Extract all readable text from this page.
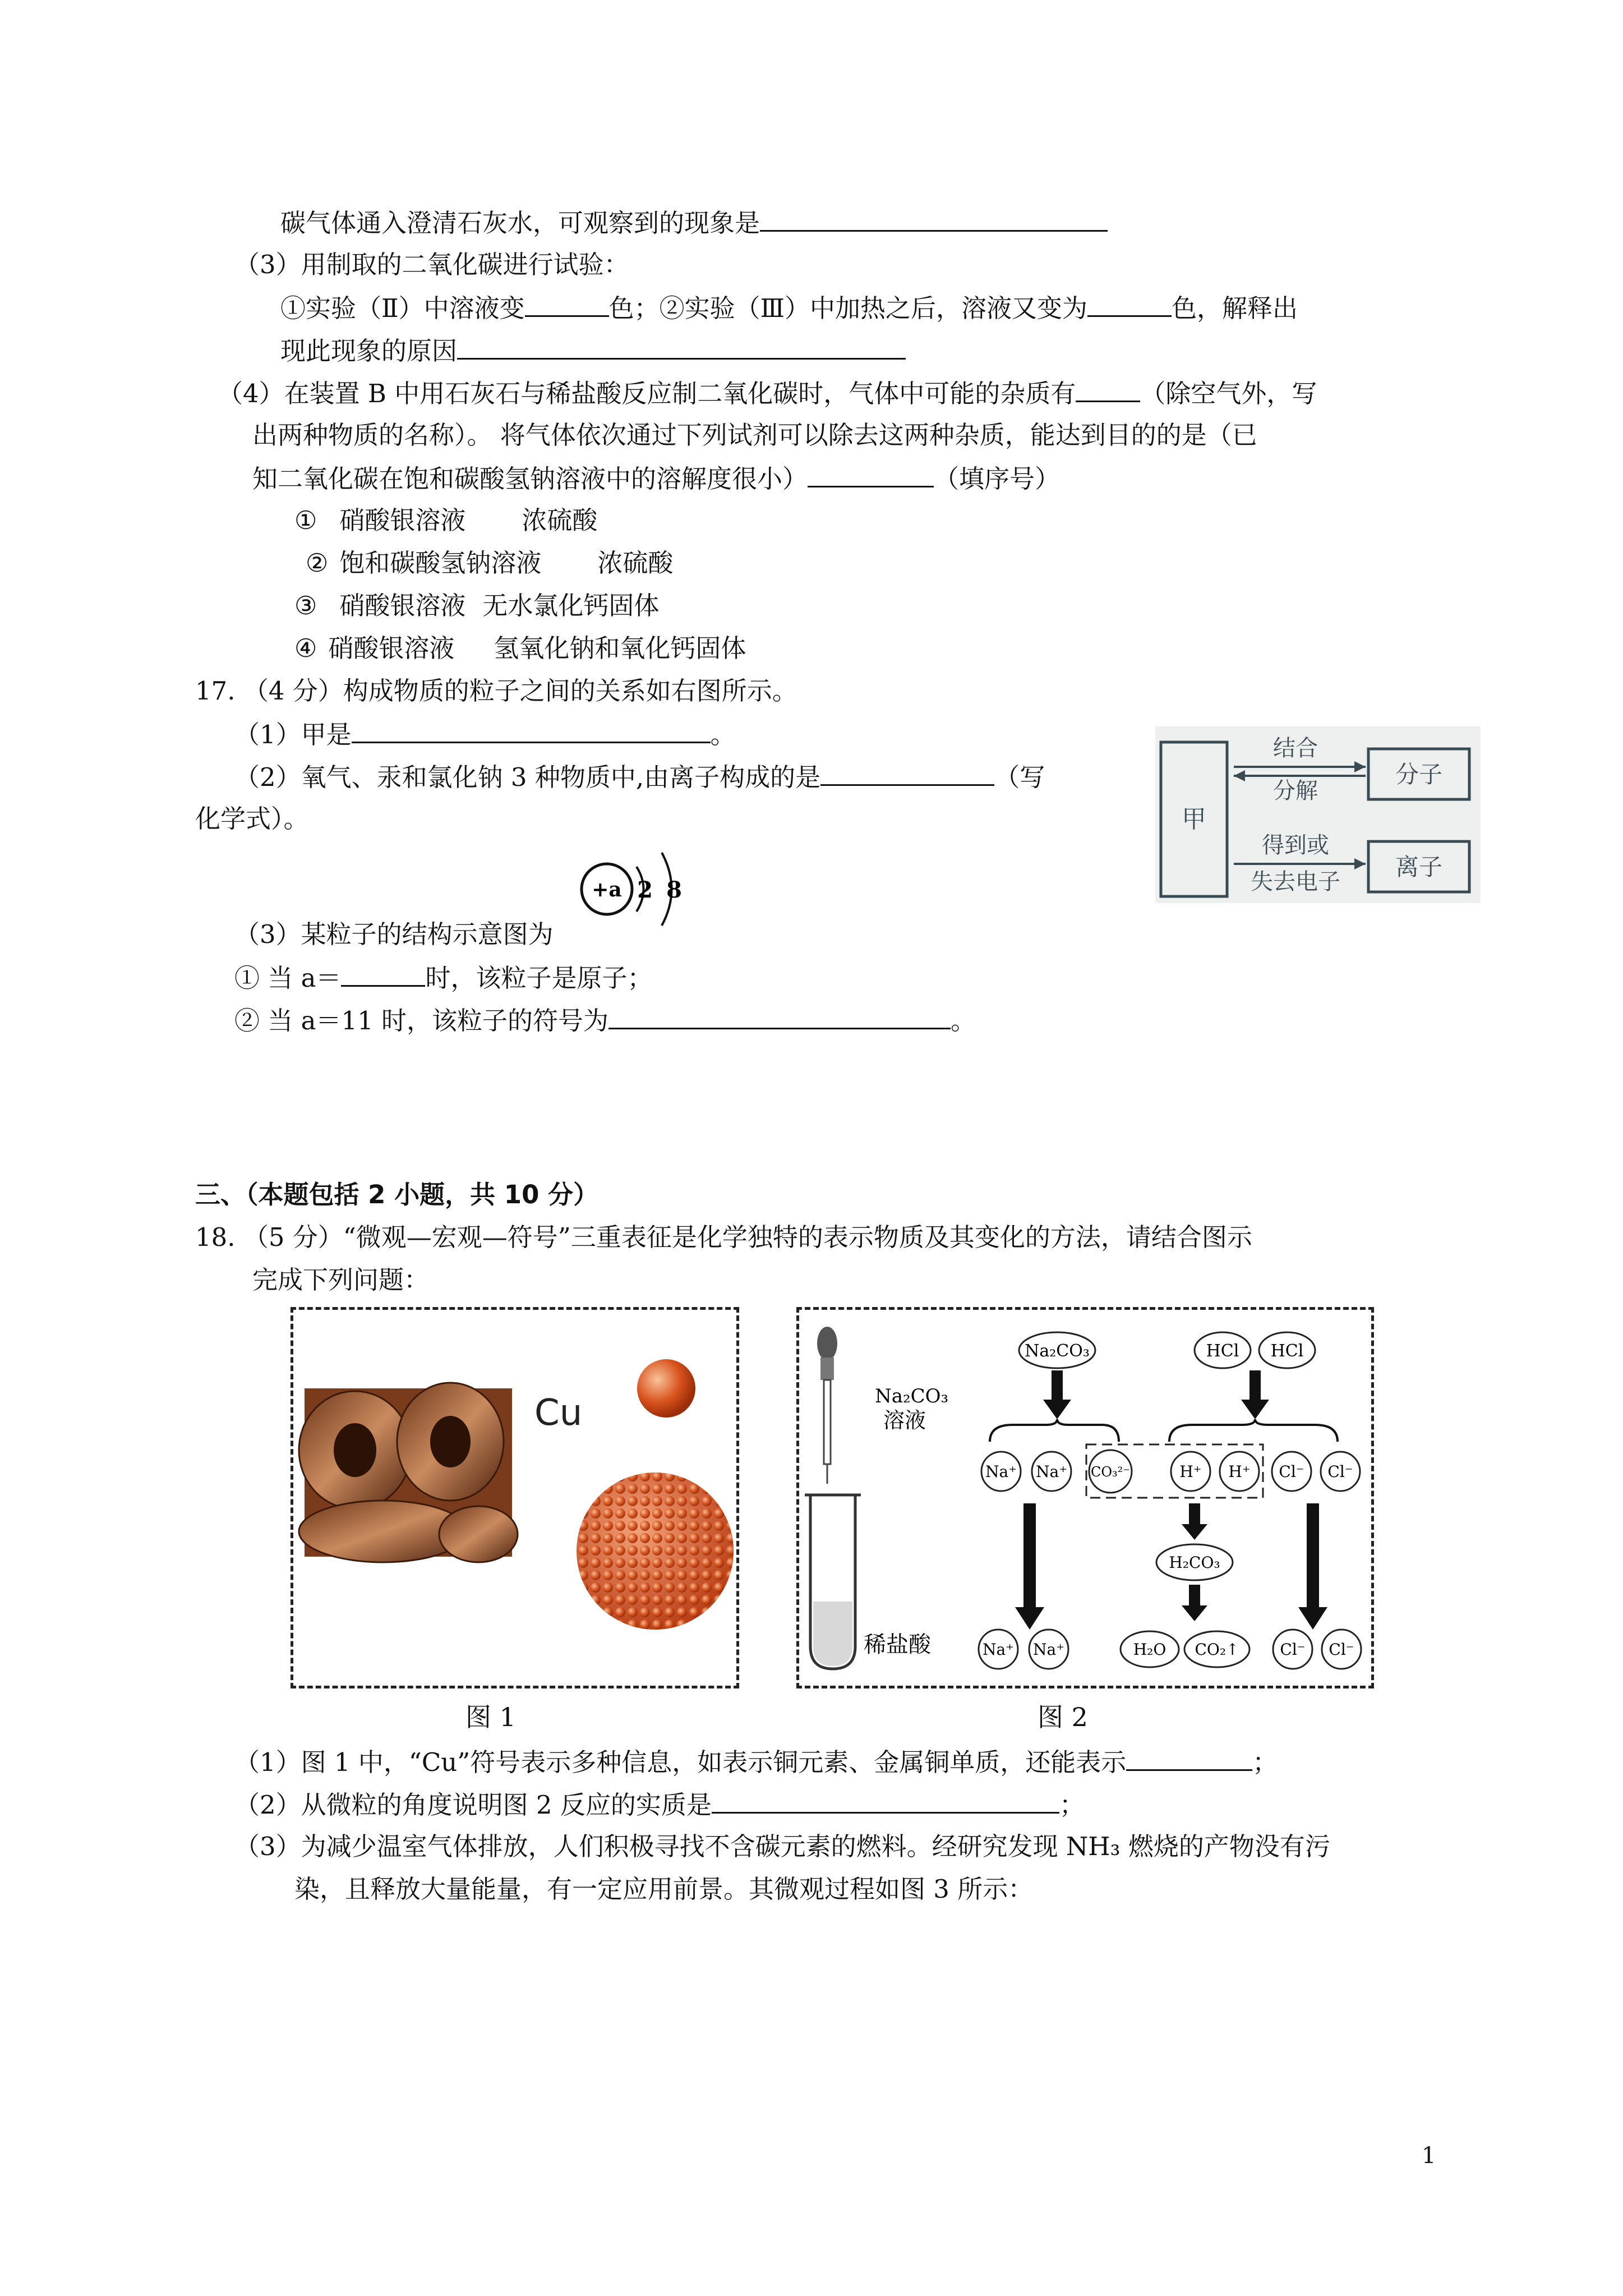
碳气体通入澄清石灰水，可观察到的现象是
（3）用制取的二氧化碳进行试验：
①实验（Ⅱ）中溶液变	色；②实验（Ⅲ）中加热之后，溶液又变为	色，解释出
现此现象的原因
（4）在装置 B 中用石灰石与稀盐酸反应制二氧化碳时，气体中可能的杂质有	（除空气外，写
出两种物质的名称）。 将气体依次通过下列试剂可以除去这两种杂质，能达到目的的是（已
知二氧化碳在饱和碳酸氢钠溶液中的溶解度很小）	（填序号）
① 硝酸银溶液 浓硫酸
② 饱和碳酸氢钠溶液 浓硫酸
③ 硝酸银溶液 无水氯化钙固体
④ 硝酸银溶液 氢氧化钠和氧化钙固体
17. （4 分）构成物质的粒子之间的关系如右图所示。
（1）甲是	。
（2）氧气、汞和氯化钠 3 种物质中,由离子构成的是	（写
化学式）。	甲
分子
离子
结合
分解
得到或
失去电子
+a 2 8
（3）某粒子的结构示意图为
① 当 a＝	时，该粒子是原子；
② 当 a＝11 时，该粒子的符号为	。
三、（本题包括 2 小题，共 10 分）
18. （5 分）“微观—宏观—符号”三重表征是化学独特的表示物质及其变化的方法，请结合图示
完成下列问题：
Cu
图 1
Na₂CO₃
溶液
稀盐酸
Na₂CO₃	HCl HCl
Na⁺ Na⁺ CO₃²⁻	H⁺ H⁺ Cl⁻ Cl⁻
H₂CO₃
Na⁺ Na⁺	H₂O CO₂↑	Cl⁻ Cl⁻
图 2
（1）图 1 中，“Cu”符号表示多种信息，如表示铜元素、金属铜单质，还能表示	；
（2）从微粒的角度说明图 2 反应的实质是	；
（3）为减少温室气体排放，人们积极寻找不含碳元素的燃料。经研究发现 NH₃ 燃烧的产物没有污
染，且释放大量能量，有一定应用前景。其微观过程如图 3 所示：
1
